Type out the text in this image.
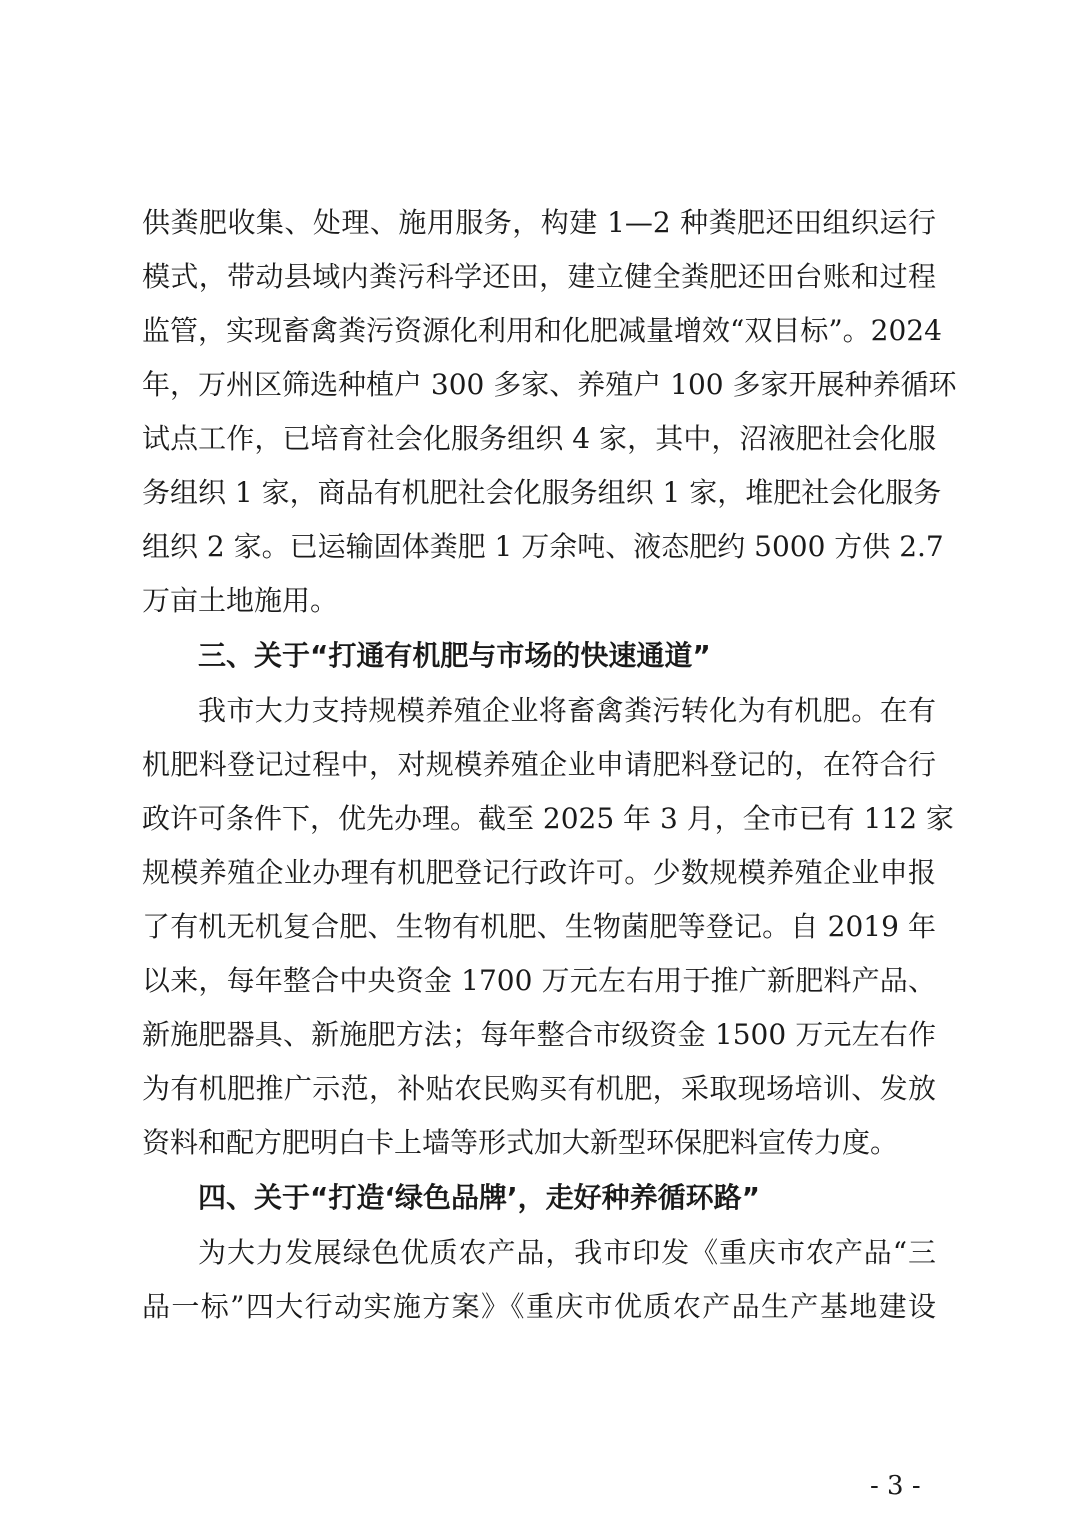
供粪肥收集、处理、施用服务，构建 1—2 种粪肥还田组织运行
模式，带动县域内粪污科学还田，建立健全粪肥还田台账和过程
监管，实现畜禽粪污资源化利用和化肥减量增效“双目标”。2024
年，万州区筛选种植户 300 多家、养殖户 100 多家开展种养循环
试点工作，已培育社会化服务组织 4 家，其中，沼液肥社会化服
务组织 1 家，商品有机肥社会化服务组织 1 家，堆肥社会化服务
组织 2 家。已运输固体粪肥 1 万余吨、液态肥约 5000 方供 2.7
万亩土地施用。
三、关于“打通有机肥与市场的快速通道”
我市大力支持规模养殖企业将畜禽粪污转化为有机肥。在有
机肥料登记过程中，对规模养殖企业申请肥料登记的，在符合行
政许可条件下，优先办理。截至 2025 年 3 月，全市已有 112 家
规模养殖企业办理有机肥登记行政许可。少数规模养殖企业申报
了有机无机复合肥、生物有机肥、生物菌肥等登记。自 2019 年
以来，每年整合中央资金 1700 万元左右用于推广新肥料产品、
新施肥器具、新施肥方法；每年整合市级资金 1500 万元左右作
为有机肥推广示范，补贴农民购买有机肥，采取现场培训、发放
资料和配方肥明白卡上墙等形式加大新型环保肥料宣传力度。
四、关于“打造‘绿色品牌’，走好种养循环路”
为大力发展绿色优质农产品，我市印发《重庆市农产品“三
品一标”四大行动实施方案》《重庆市优质农产品生产基地建设
- 3 -
